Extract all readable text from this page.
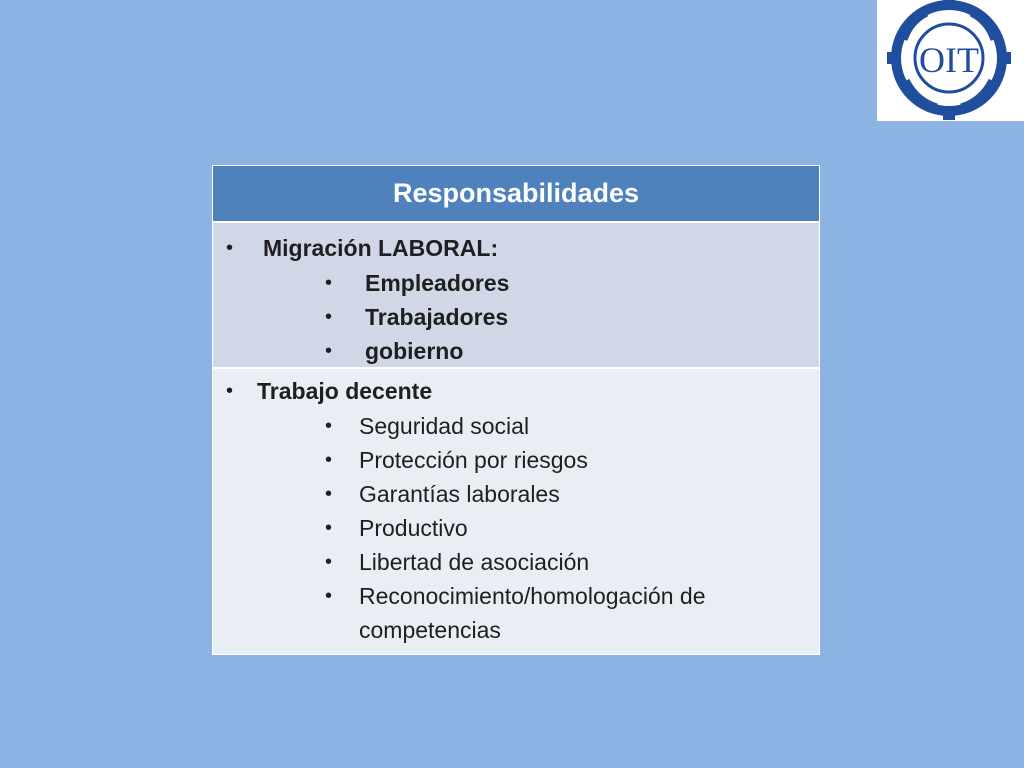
OIT
Responsabilidades
• Migración LABORAL:
• Empleadores
• Trabajadores
• gobierno
• Trabajo decente
• Seguridad social
• Protección por riesgos
• Garantías laborales
• Productivo
• Libertad de asociación
• Reconocimiento/homologación de
competencias
